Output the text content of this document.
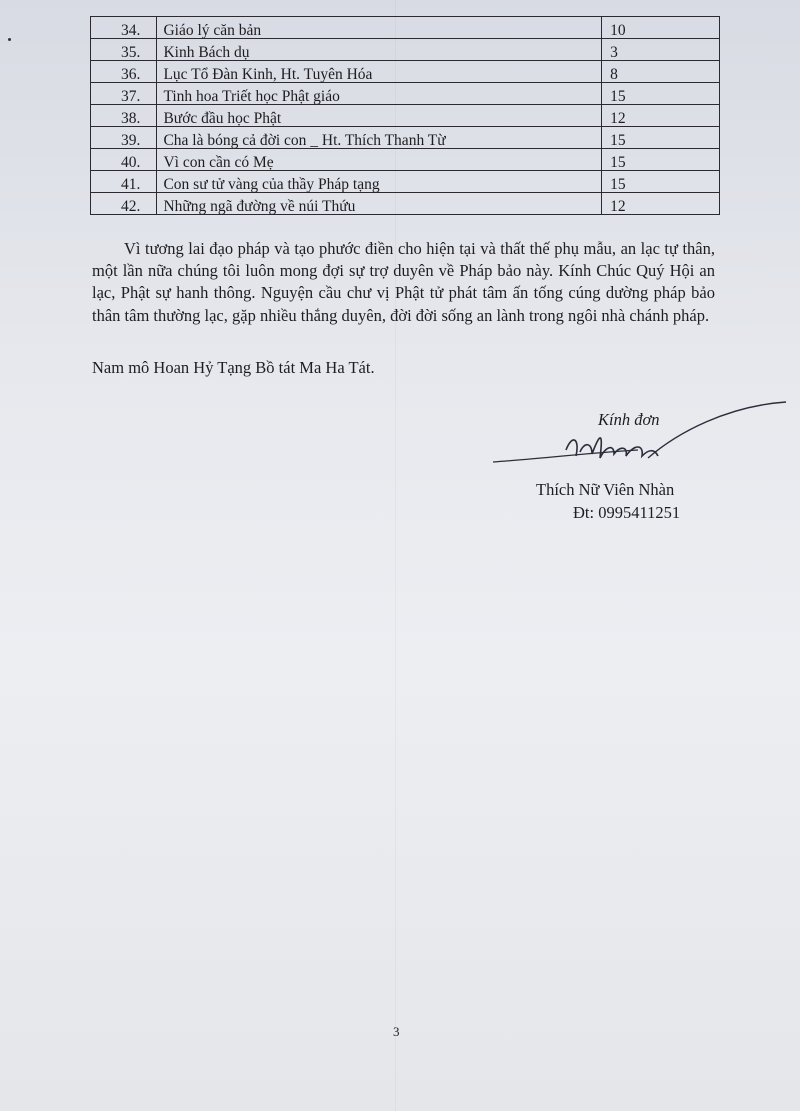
34.	Giáo lý căn bản	10
35.	Kinh Bách dụ	3
36.	Lục Tổ Đàn Kinh, Ht. Tuyên Hóa	8
37.	Tinh hoa Triết học Phật giáo	15
38.	Bước đầu học Phật	12
39.	Cha là bóng cả đời con _ Ht. Thích Thanh Từ	15
40.	Vì con cần có Mẹ	15
41.	Con sư tử vàng của thầy Pháp tạng	15
42.	Những ngã đường về núi Thứu	12

Vì tương lai đạo pháp và tạo phước điền cho hiện tại và thất thế phụ mẫu, an lạc tự thân, một lần nữa chúng tôi luôn mong đợi sự trợ duyên về Pháp bảo này. Kính Chúc Quý Hội an lạc, Phật sự hanh thông. Nguyện cầu chư vị Phật tử phát tâm ấn tống cúng dường pháp bảo thân tâm thường lạc, gặp nhiều thắng duyên, đời đời sống an lành trong ngôi nhà chánh pháp.

Nam mô Hoan Hỷ Tạng Bồ tát Ma Ha Tát.

Kính đơn
Thích Nữ Viên Nhàn
Đt: 0995411251
3
